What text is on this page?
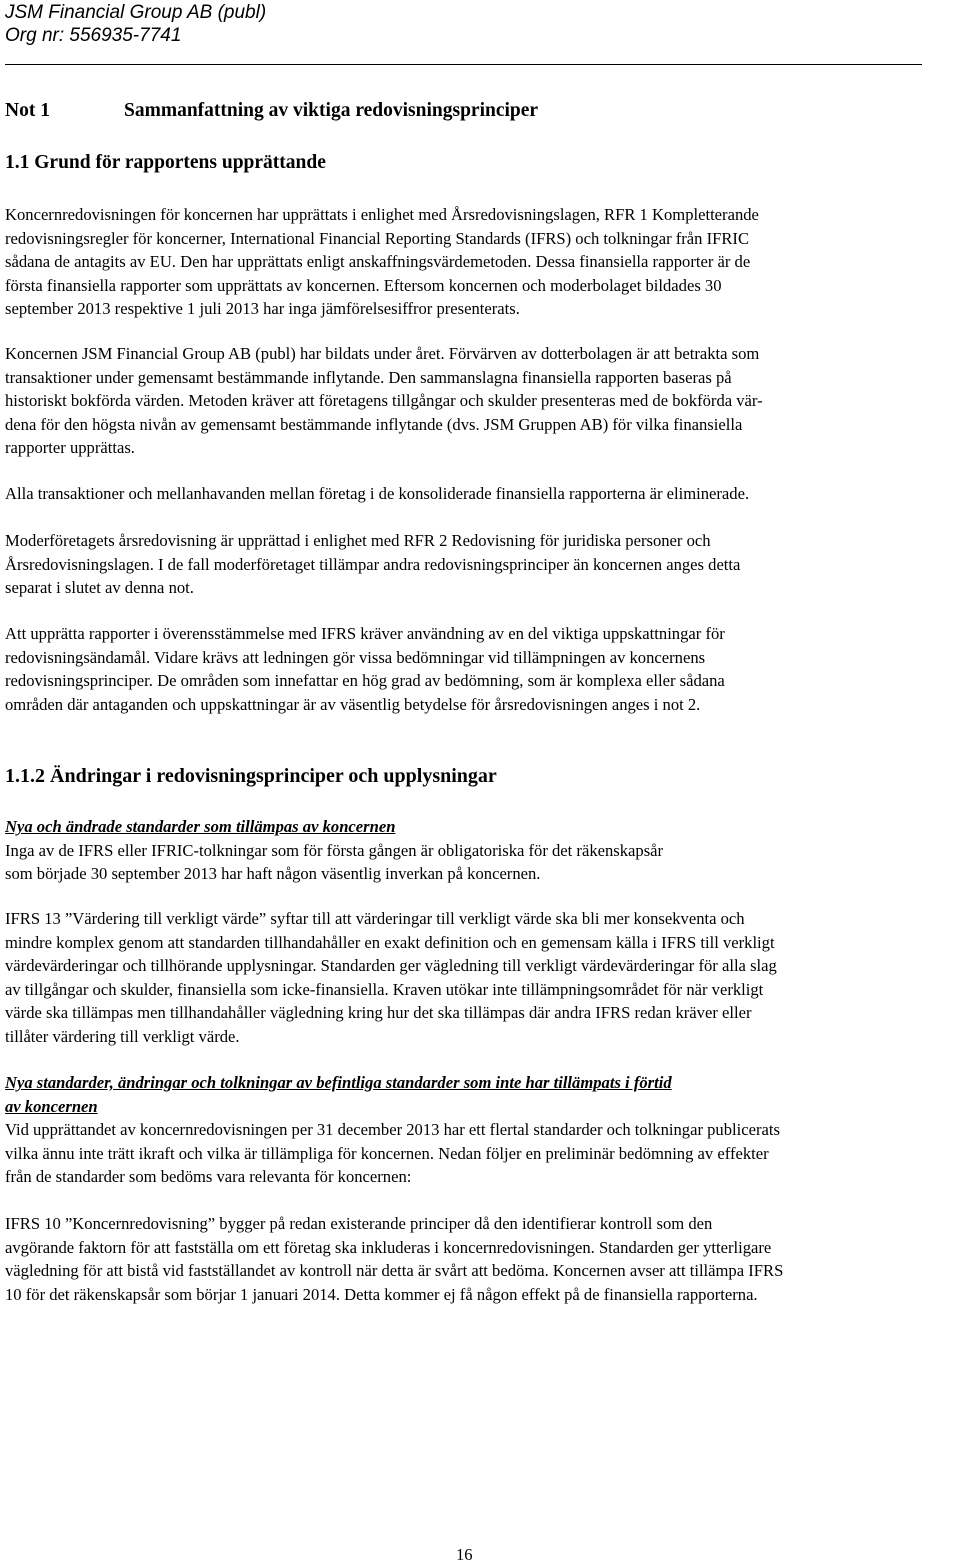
JSM Financial Group AB (publ)
Org nr: 556935-7741
Not 1	Sammanfattning av viktiga redovisningsprinciper
1.1 Grund för rapportens upprättande
Koncernredovisningen för koncernen har upprättats i enlighet med Årsredovisningslagen, RFR 1 Kompletterande
redovisningsregler för koncerner, International Financial Reporting Standards (IFRS) och tolkningar från IFRIC
sådana de antagits av EU. Den har upprättats enligt anskaffningsvärdemetoden. Dessa finansiella rapporter är de
första finansiella rapporter som upprättats av koncernen. Eftersom koncernen och moderbolaget bildades 30
september 2013 respektive 1 juli 2013 har inga jämförelsesiffror presenterats.
Koncernen JSM Financial Group AB (publ) har bildats under året. Förvärven av dotterbolagen är att betrakta som
transaktioner under gemensamt bestämmande inflytande. Den sammanslagna finansiella rapporten baseras på
historiskt bokförda värden. Metoden kräver att företagens tillgångar och skulder presenteras med de bokförda vär-
dena för den högsta nivån av gemensamt bestämmande inflytande (dvs. JSM Gruppen AB) för vilka finansiella
rapporter upprättas.
Alla transaktioner och mellanhavanden mellan företag i de konsoliderade finansiella rapporterna är eliminerade.
Moderföretagets årsredovisning är upprättad i enlighet med RFR 2 Redovisning för juridiska personer och
Årsredovisningslagen. I de fall moderföretaget tillämpar andra redovisningsprinciper än koncernen anges detta
separat i slutet av denna not.
Att upprätta rapporter i överensstämmelse med IFRS kräver användning av en del viktiga uppskattningar för
redovisningsändamål. Vidare krävs att ledningen gör vissa bedömningar vid tillämpningen av koncernens
redovisningsprinciper. De områden som innefattar en hög grad av bedömning, som är komplexa eller sådana
områden där antaganden och uppskattningar är av väsentlig betydelse för årsredovisningen anges i not 2.
1.1.2 Ändringar i redovisningsprinciper och upplysningar
Nya och ändrade standarder som tillämpas av koncernen
Inga av de IFRS eller IFRIC-tolkningar som för första gången är obligatoriska för det räkenskapsår
som började 30 september 2013 har haft någon väsentlig inverkan på koncernen.
IFRS 13 ”Värdering till verkligt värde” syftar till att värderingar till verkligt värde ska bli mer konsekventa och
mindre komplex genom att standarden tillhandahåller en exakt definition och en gemensam källa i IFRS till verkligt
värdevärderingar och tillhörande upplysningar. Standarden ger vägledning till verkligt värdevärderingar för alla slag
av tillgångar och skulder, finansiella som icke-finansiella. Kraven utökar inte tillämpningsområdet för när verkligt
värde ska tillämpas men tillhandahåller vägledning kring hur det ska tillämpas där andra IFRS redan kräver eller
tillåter värdering till verkligt värde.
Nya standarder, ändringar och tolkningar av befintliga standarder som inte har tillämpats i förtid
av koncernen
Vid upprättandet av koncernredovisningen per 31 december 2013 har ett flertal standarder och tolkningar publicerats
vilka ännu inte trätt ikraft och vilka är tillämpliga för koncernen. Nedan följer en preliminär bedömning av effekter
från de standarder som bedöms vara relevanta för koncernen:
IFRS 10 ”Koncernredovisning” bygger på redan existerande principer då den identifierar kontroll som den
avgörande faktorn för att fastställa om ett företag ska inkluderas i koncernredovisningen. Standarden ger ytterligare
vägledning för att bistå vid fastställandet av kontroll när detta är svårt att bedöma. Koncernen avser att tillämpa IFRS
10 för det räkenskapsår som börjar 1 januari 2014. Detta kommer ej få någon effekt på de finansiella rapporterna.
16
